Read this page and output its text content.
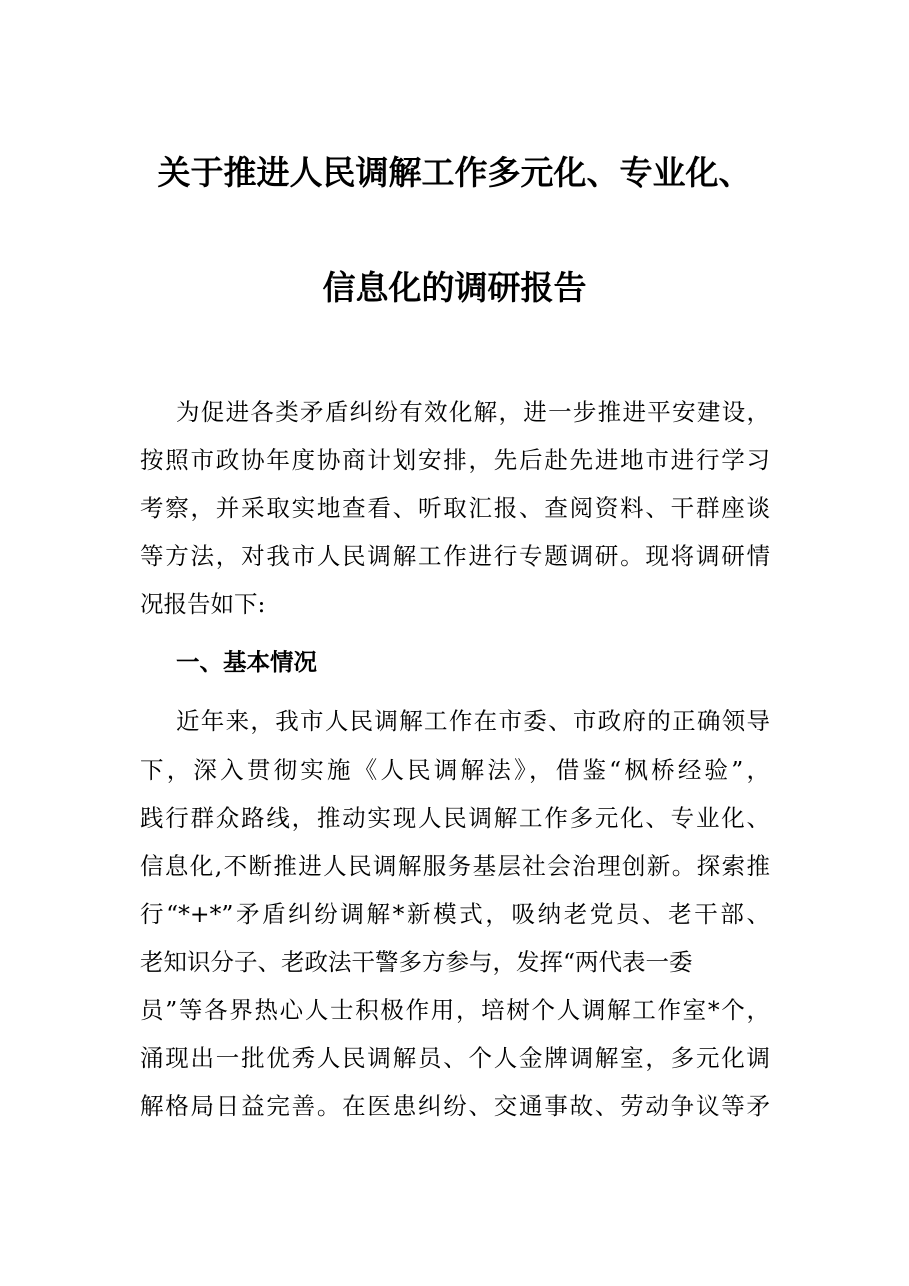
关于推进人民调解工作多元化、专业化、
信息化的调研报告

为促进各类矛盾纠纷有效化解，进一步推进平安建设，

按照市政协年度协商计划安排，先后赴先进地市进行学习

考察，并采取实地查看、听取汇报、查阅资料、干群座谈

等方法，对我市人民调解工作进行专题调研。现将调研情

况报告如下:

一、基本情况

近年来，我市人民调解工作在市委、市政府的正确领导

下，深入贯彻实施《人民调解法》，借鉴“枫桥经验”，

践行群众路线，推动实现人民调解工作多元化、专业化、

信息化,不断推进人民调解服务基层社会治理创新。探索推

行“*+*”矛盾纠纷调解*新模式，吸纳老党员、老干部、

老知识分子、老政法干警多方参与，发挥“两代表一委

员”等各界热心人士积极作用，培树个人调解工作室*个，

涌现出一批优秀人民调解员、个人金牌调解室，多元化调

解格局日益完善。在医患纠纷、交通事故、劳动争议等矛
